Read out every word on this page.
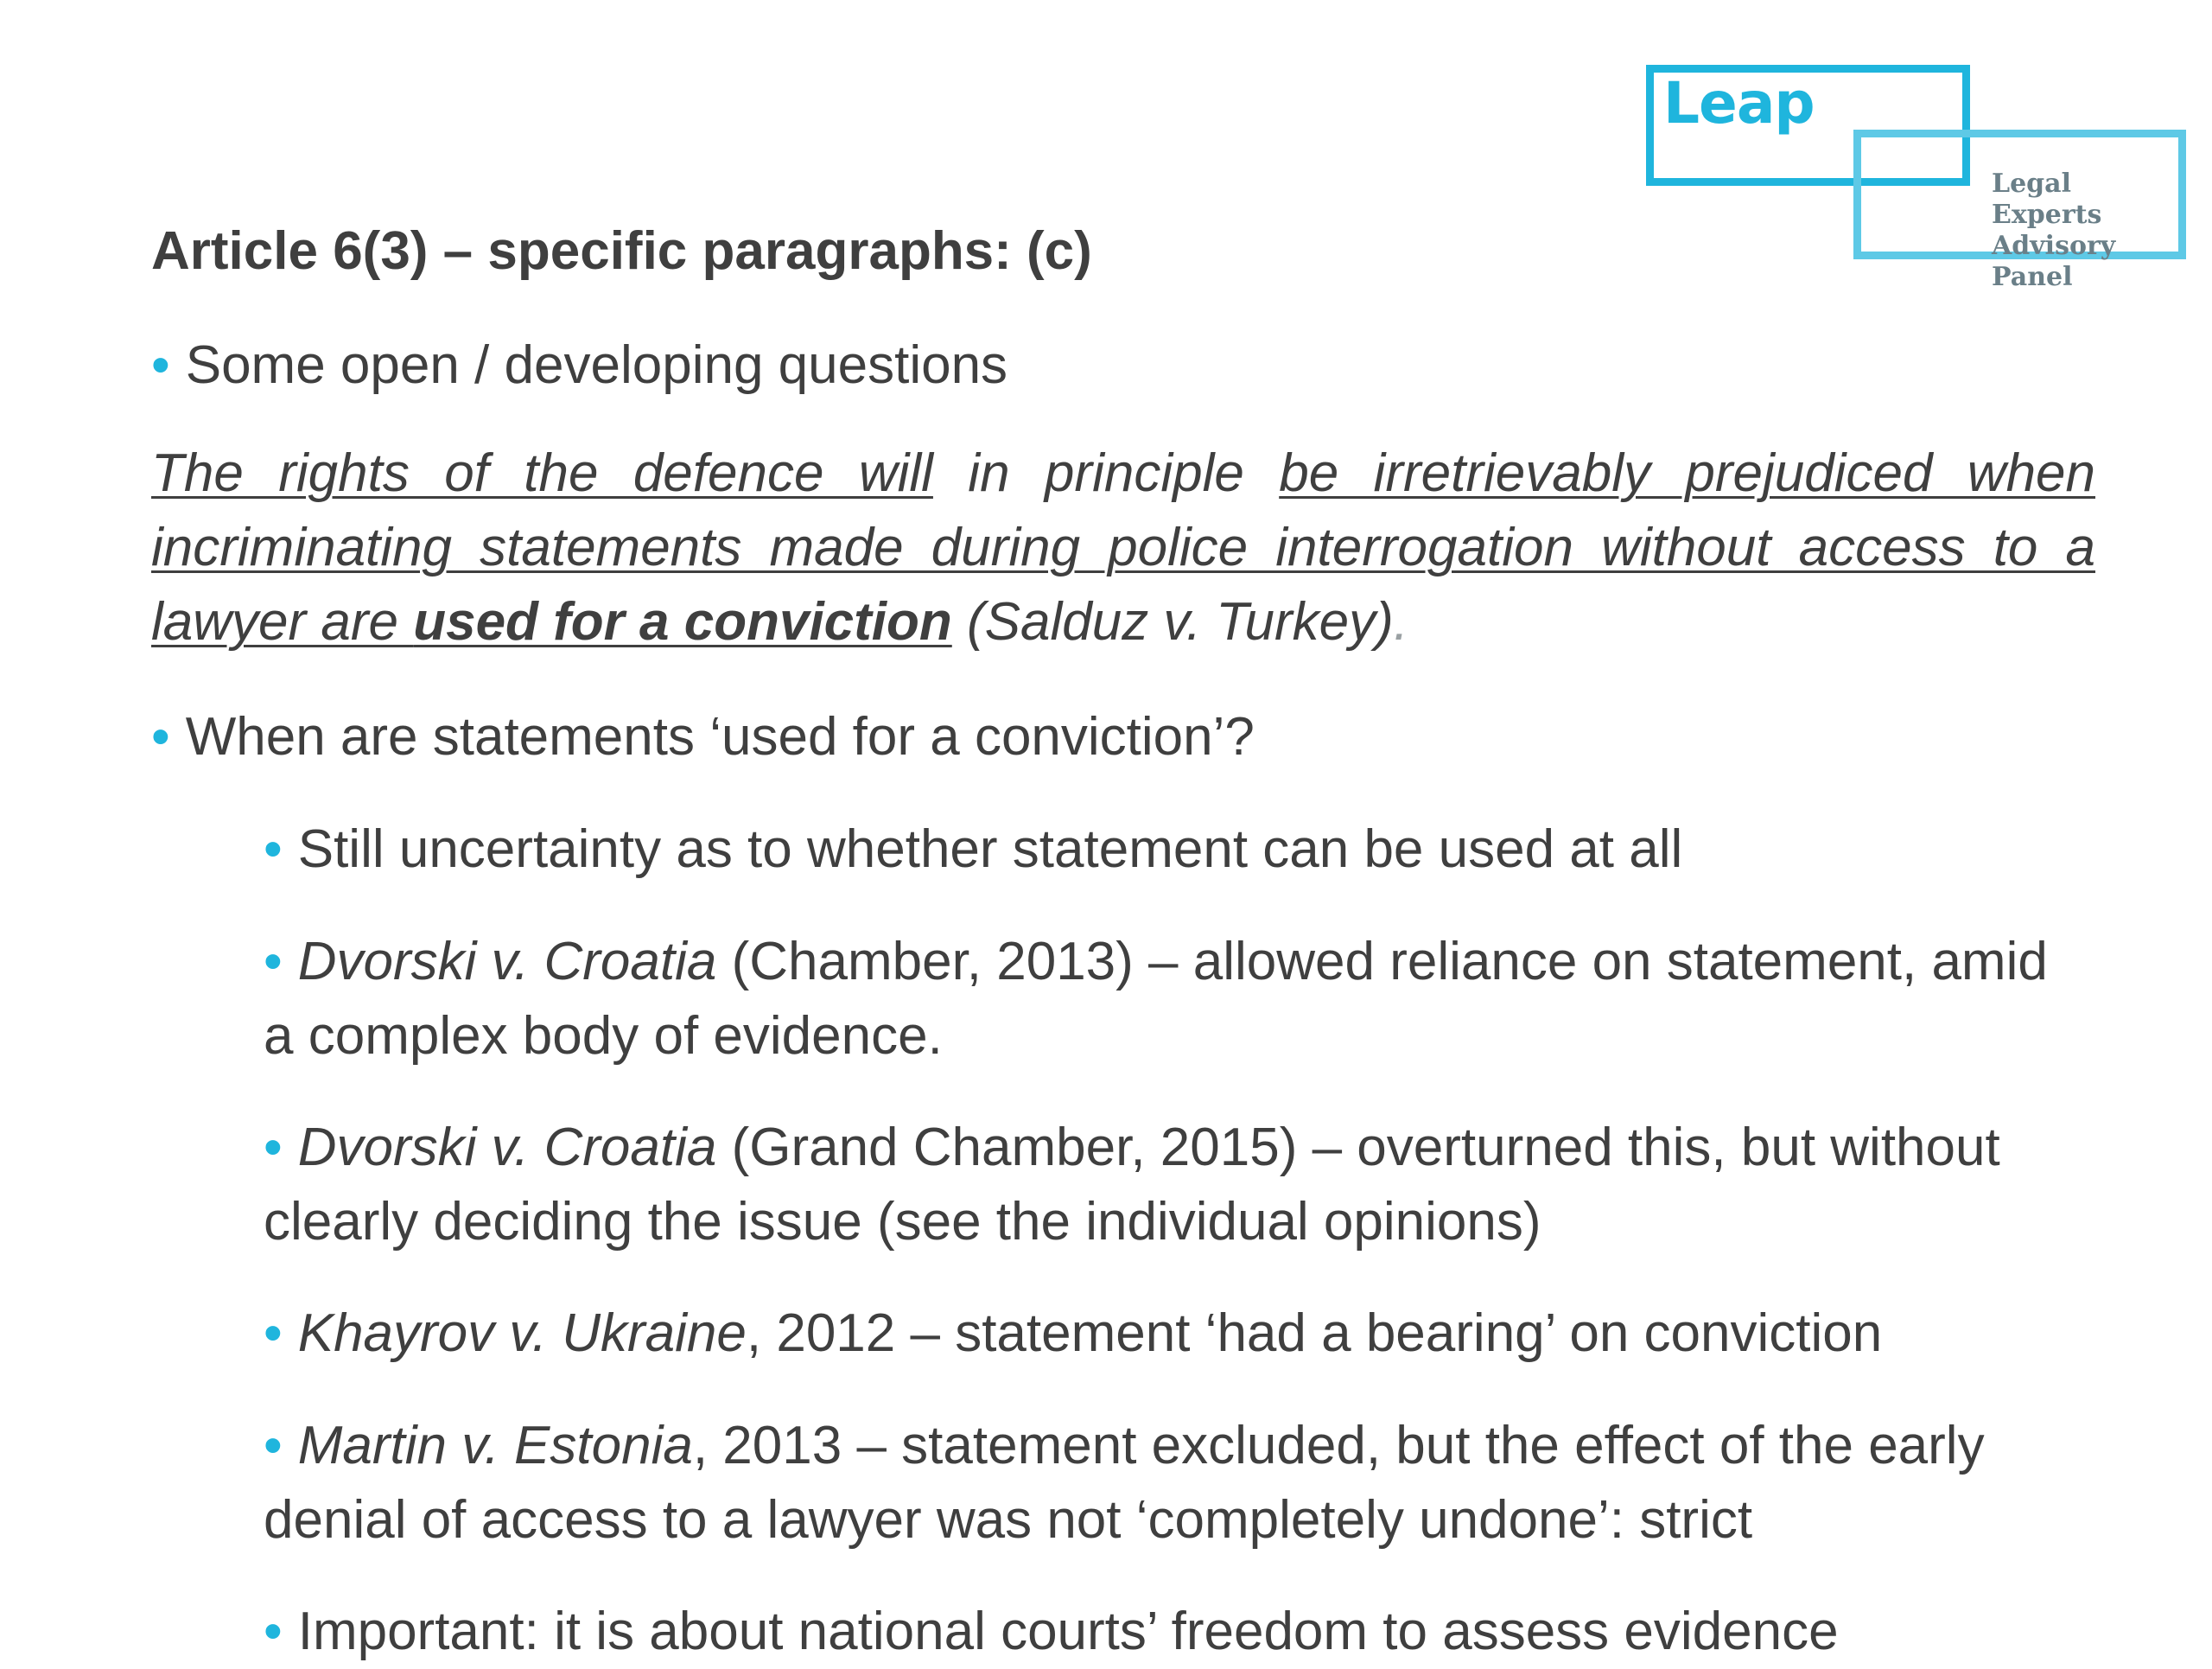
Leap
Legal Experts
Advisory Panel
Article 6(3) – specific paragraphs: (c)
• Some open / developing questions
The rights of the defence will in principle be irretrievably prejudiced when incriminating statements made during police interrogation without access to a lawyer are used for a conviction (Salduz v. Turkey).
• When are statements ‘used for a conviction’?
• Still uncertainty as to whether statement can be used at all
• Dvorski v. Croatia (Chamber, 2013) – allowed reliance on statement, amid a complex body of evidence.
• Dvorski v. Croatia (Grand Chamber, 2015) – overturned this, but without clearly deciding the issue (see the individual opinions)
• Khayrov v. Ukraine, 2012 – statement ‘had a bearing’ on conviction
• Martin v. Estonia, 2013 – statement excluded, but the effect of the early denial of access to a lawyer was not ‘completely undone’: strict
• Important: it is about national courts’ freedom to assess evidence
